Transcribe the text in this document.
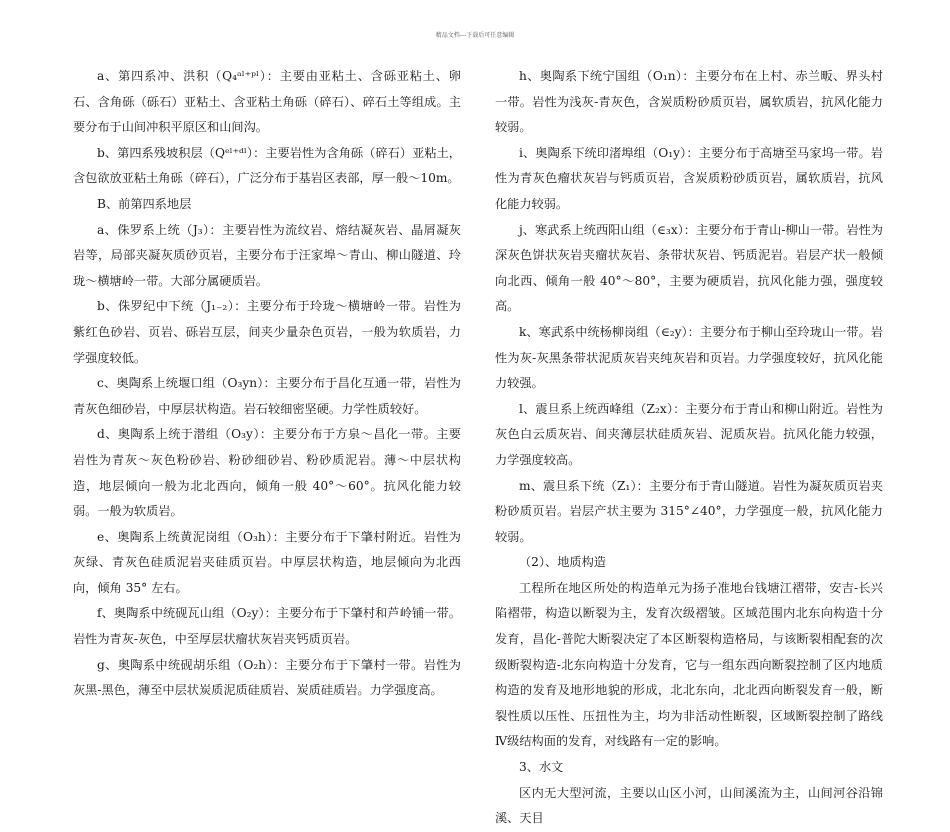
精品文档---下载后可任意编辑

a、第四系冲、洪积（Q₄ᵃˡ⁺ᵖˡ）：主要由亚粘土、含砾亚粘土、卵石、含角砾（砾石）亚粘土、含亚粘土角砾（碎石）、碎石土等组成。主要分布于山间冲积平原区和山间沟。

b、第四系残坡积层（Qᵉˡ⁺ᵈˡ）：主要岩性为含角砾（碎石）亚粘土，含包欲放亚粘土角砾（碎石），广泛分布于基岩区表部，厚一般～10m。

B、前第四系地层

a、侏罗系上统（J₃）：主要岩性为流纹岩、熔结凝灰岩、晶屑凝灰岩等，局部夹凝灰质砂页岩，主要分布于汪家埠～青山、柳山隧道、玲珑～横塘岭一带。大部分属硬质岩。

b、侏罗纪中下统（J₁₋₂）：主要分布于玲珑～横塘岭一带。岩性为紫红色砂岩、页岩、砾岩互层，间夹少量杂色页岩，一般为软质岩，力学强度较低。

c、奥陶系上统堰口组（O₃yn）：主要分布于昌化互通一带，岩性为青灰色细砂岩，中厚层状构造。岩石较细密坚硬。力学性质较好。

d、奥陶系上统于潜组（O₃y）：主要分布于方泉～昌化一带。主要岩性为青灰～灰色粉砂岩、粉砂细砂岩、粉砂质泥岩。薄～中层状构造，地层倾向一般为北北西向，倾角一般 40°～60°。抗风化能力较弱。一般为软质岩。

e、奥陶系上统黄泥岗组（O₃h）：主要分布于下肇村附近。岩性为灰绿、青灰色硅质泥岩夹硅质页岩。中厚层状构造，地层倾向为北西向，倾角 35° 左右。

f、奥陶系中统砚瓦山组（O₂y）：主要分布于下肇村和芦岭铺一带。岩性为青灰-灰色，中至厚层状瘤状灰岩夹钙质页岩。

g、奥陶系中统砚胡乐组（O₂h）：主要分布于下肇村一带。岩性为灰黑-黑色，薄至中层状炭质泥质硅质岩、炭质硅质岩。力学强度高。

h、奥陶系下统宁国组（O₁n）：主要分布在上村、赤兰畈、界头村一带。岩性为浅灰-青灰色，含炭质粉砂质页岩，属软质岩，抗风化能力较弱。

i、奥陶系下统印渚埠组（O₁y）：主要分布于高塘至马家坞一带。岩性为青灰色瘤状灰岩与钙质页岩，含炭质粉砂质页岩，属软质岩，抗风化能力较弱。

j、寒武系上统西阳山组（∈₃x）：主要分布于青山-柳山一带。岩性为深灰色饼状灰岩夹瘤状灰岩、条带状灰岩、钙质泥岩。岩层产状一般倾向北西、倾角一般 40°～80°，主要为硬质岩，抗风化能力强，强度较高。

k、寒武系中统杨柳岗组（∈₂y）：主要分布于柳山至玲珑山一带。岩性为灰-灰黑条带状泥质灰岩夹纯灰岩和页岩。力学强度较好，抗风化能力较强。

l、震旦系上统西峰组（Z₂x）：主要分布于青山和柳山附近。岩性为灰色白云质灰岩、间夹薄层状硅质灰岩、泥质灰岩。抗风化能力较强，力学强度较高。

m、震旦系下统（Z₁）：主要分布于青山隧道。岩性为凝灰质页岩夹粉砂质页岩。岩层产状主要为 315°∠40°，力学强度一般，抗风化能力较弱。

（2）、地质构造

工程所在地区所处的构造单元为扬子准地台钱塘江褶带，安吉-长兴陷褶带，构造以断裂为主，发育次级褶皱。区域范围内北东向构造十分发育，昌化-普陀大断裂决定了本区断裂构造格局，与该断裂相配套的次级断裂构造-北东向构造十分发育，它与一组东西向断裂控制了区内地质构造的发育及地形地貌的形成，北北东向，北北西向断裂发育一般，断裂性质以压性、压扭性为主，均为非活动性断裂，区域断裂控制了路线Ⅳ级结构面的发育，对线路有一定的影响。

3、水文

区内无大型河流，主要以山区小河，山间溪流为主，山间河谷沿锦溪、天目
